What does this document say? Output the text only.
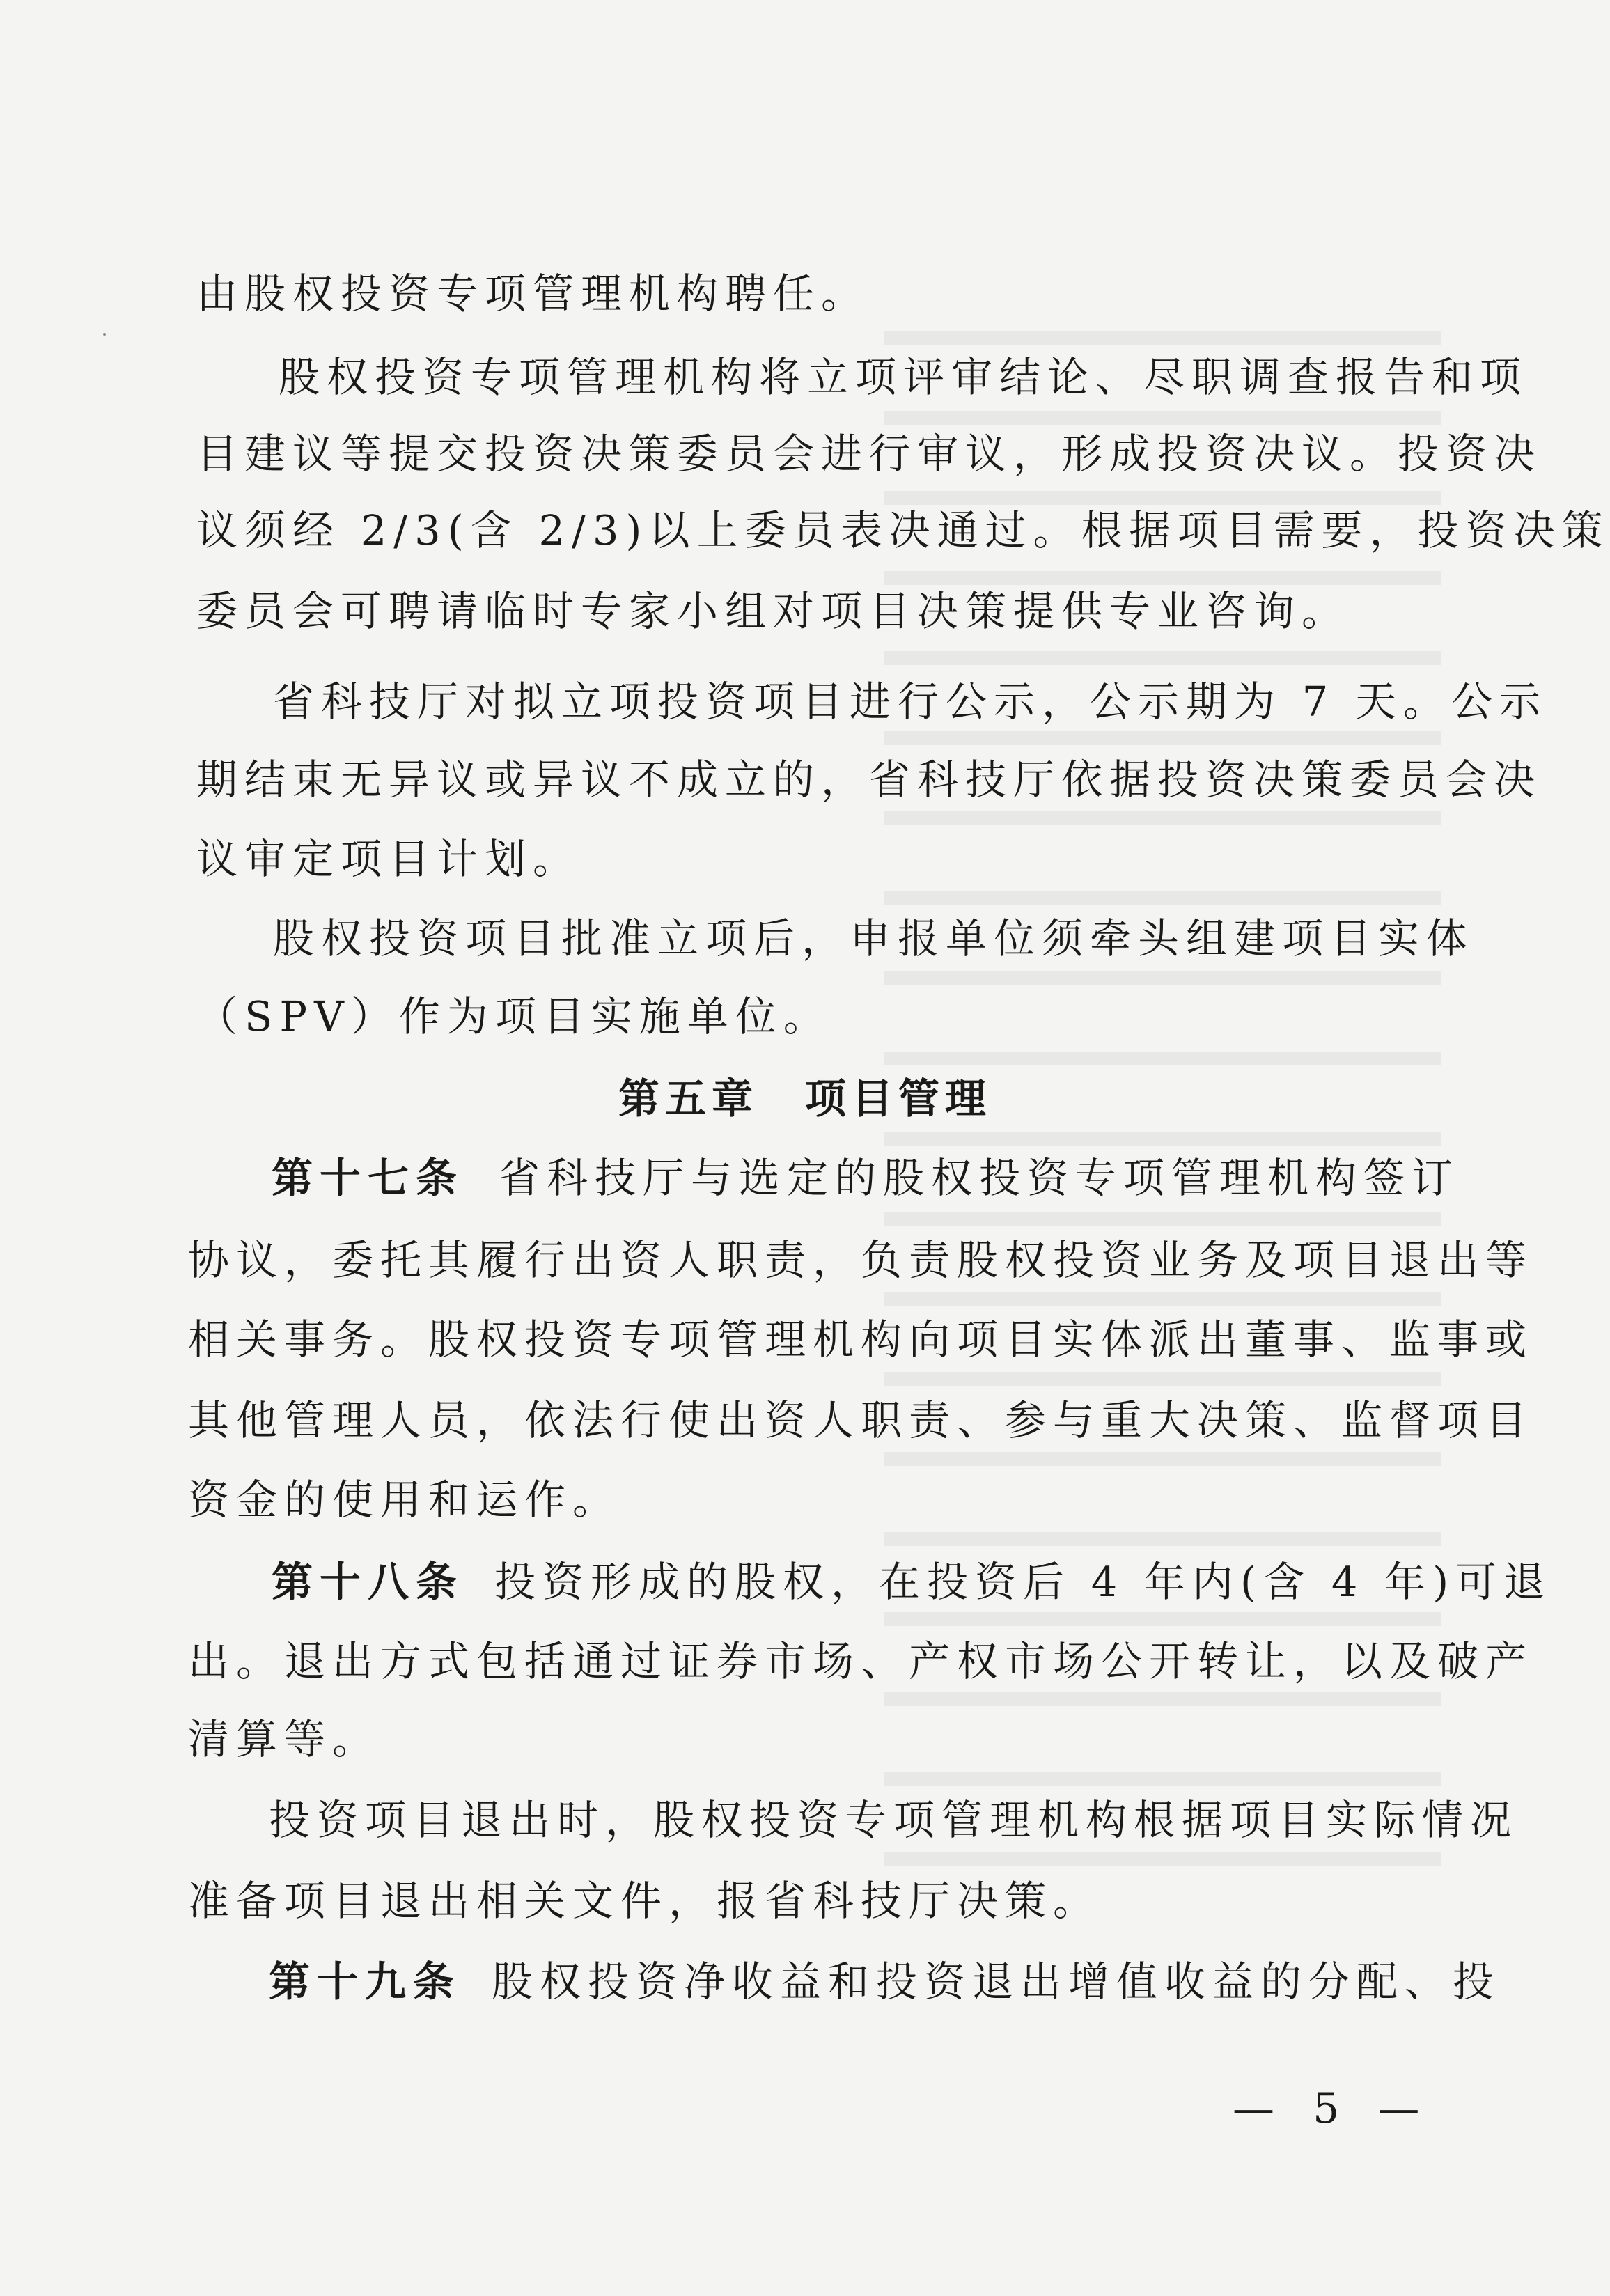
由股权投资专项管理机构聘任。
股权投资专项管理机构将立项评审结论、尽职调查报告和项
目建议等提交投资决策委员会进行审议，形成投资决议。投资决
议须经 2/3(含 2/3)以上委员表决通过。根据项目需要，投资决策
委员会可聘请临时专家小组对项目决策提供专业咨询。
省科技厅对拟立项投资项目进行公示，公示期为 7 天。公示
期结束无异议或异议不成立的，省科技厅依据投资决策委员会决
议审定项目计划。
股权投资项目批准立项后，申报单位须牵头组建项目实体
（SPV）作为项目实施单位。
第五章　项目管理
第十七条 省科技厅与选定的股权投资专项管理机构签订
协议，委托其履行出资人职责，负责股权投资业务及项目退出等
相关事务。股权投资专项管理机构向项目实体派出董事、监事或
其他管理人员，依法行使出资人职责、参与重大决策、监督项目
资金的使用和运作。
第十八条 投资形成的股权，在投资后 4 年内(含 4 年)可退
出。退出方式包括通过证券市场、产权市场公开转让，以及破产
清算等。
投资项目退出时，股权投资专项管理机构根据项目实际情况
准备项目退出相关文件，报省科技厅决策。
第十九条 股权投资净收益和投资退出增值收益的分配、投
— 5 —
